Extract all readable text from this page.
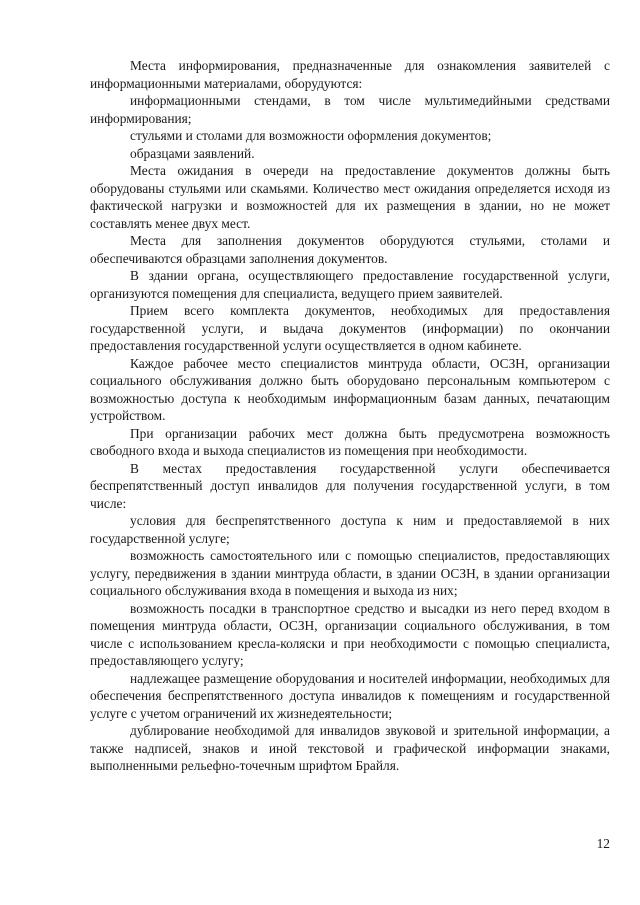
Места информирования, предназначенные для ознакомления заявителей с информационными материалами, оборудуются:

информационными стендами, в том числе мультимедийными средствами информирования;

стульями и столами для возможности оформления документов;

образцами заявлений.

Места ожидания в очереди на предоставление документов должны быть оборудованы стульями или скамьями. Количество мест ожидания определяется исходя из фактической нагрузки и возможностей для их размещения в здании, но не может составлять менее двух мест.

Места для заполнения документов оборудуются стульями, столами и обеспечиваются образцами заполнения документов.

В здании органа, осуществляющего предоставление государственной услуги, организуются помещения для специалиста, ведущего прием заявителей.

Прием всего комплекта документов, необходимых для предоставления государственной услуги, и выдача документов (информации) по окончании предоставления государственной услуги осуществляется в одном кабинете.

Каждое рабочее место специалистов минтруда области, ОСЗН, организации социального обслуживания должно быть оборудовано персональным компьютером с возможностью доступа к необходимым информационным базам данных, печатающим устройством.

При организации рабочих мест должна быть предусмотрена возможность свободного входа и выхода специалистов из помещения при необходимости.

В местах предоставления государственной услуги обеспечивается беспрепятственный доступ инвалидов для получения государственной услуги, в том числе:

условия для беспрепятственного доступа к ним и предоставляемой в них государственной услуге;

возможность самостоятельного или с помощью специалистов, предоставляющих услугу, передвижения в здании минтруда области, в здании ОСЗН, в здании организации социального обслуживания входа в помещения и выхода из них;

возможность посадки в транспортное средство и высадки из него перед входом в помещения минтруда области, ОСЗН, организации социального обслуживания, в том числе с использованием кресла-коляски и при необходимости с помощью специалиста, предоставляющего услугу;

надлежащее размещение оборудования и носителей информации, необходимых для обеспечения беспрепятственного доступа инвалидов к помещениям и государственной услуге с учетом ограничений их жизнедеятельности;

дублирование необходимой для инвалидов звуковой и зрительной информации, а также надписей, знаков и иной текстовой и графической информации знаками, выполненными рельефно-точечным шрифтом Брайля.

12
